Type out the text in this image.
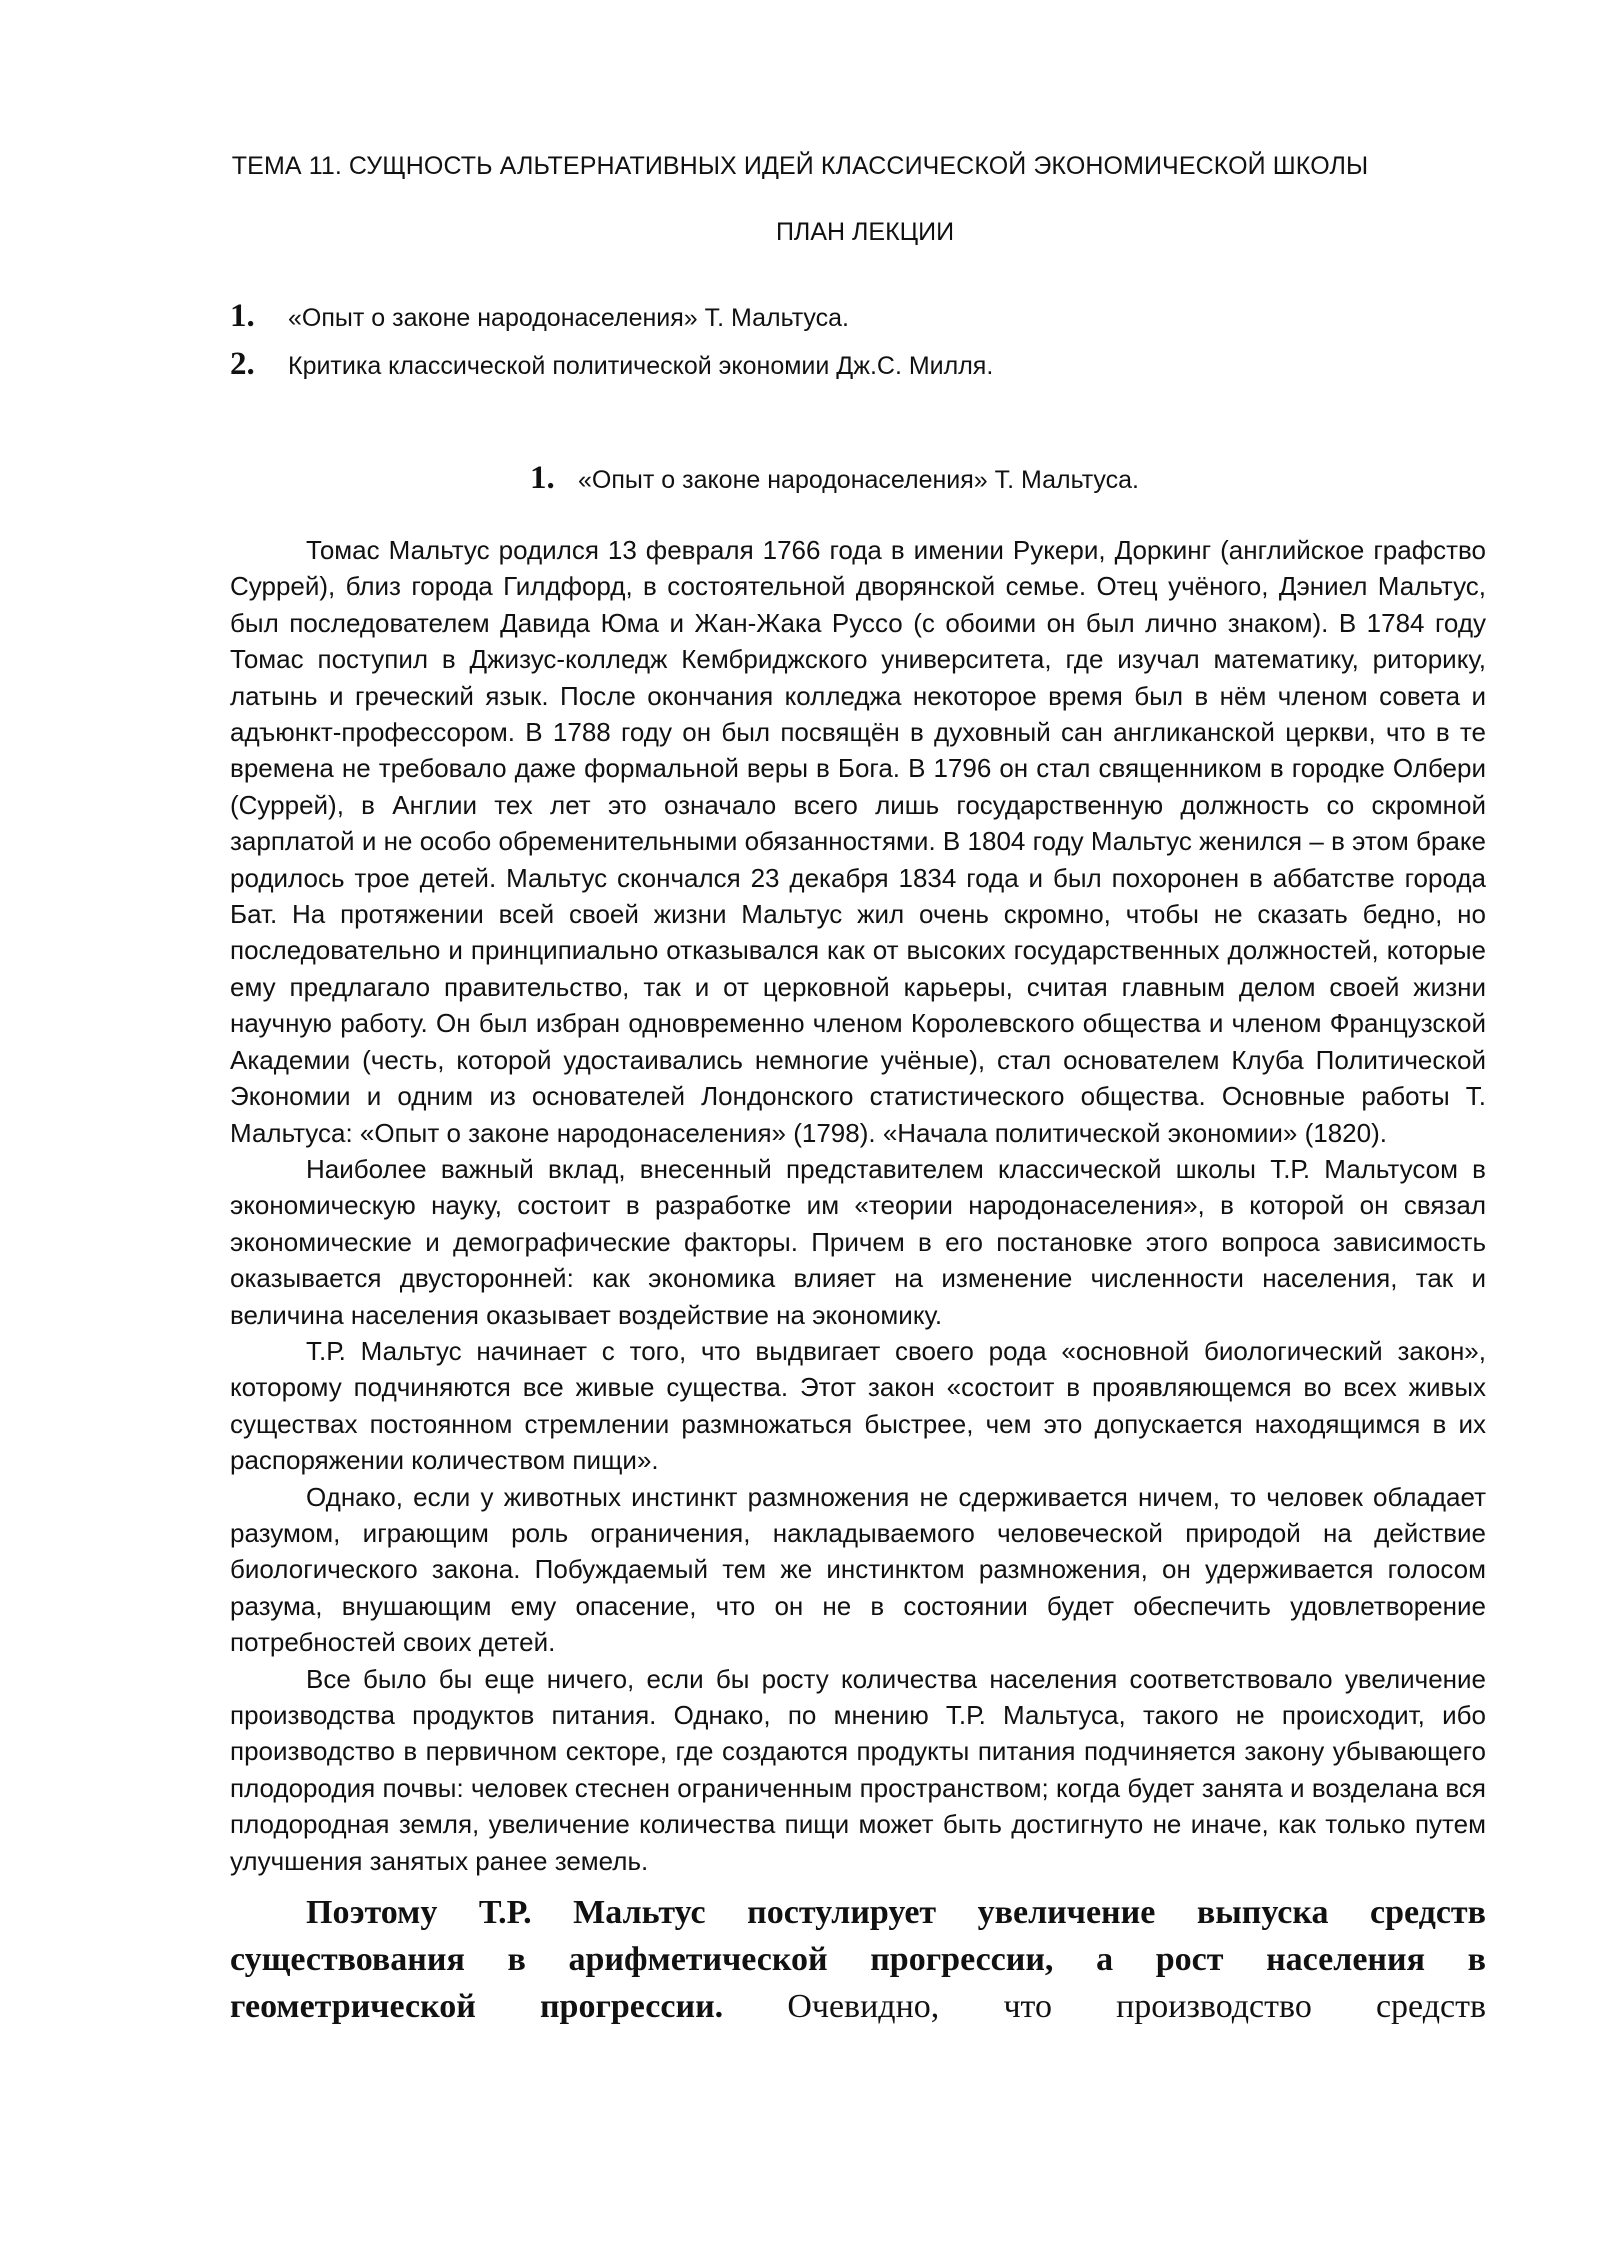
ТЕМА 11. СУЩНОСТЬ АЛЬТЕРНАТИВНЫХ ИДЕЙ КЛАССИЧЕСКОЙ ЭКОНОМИЧЕСКОЙ ШКОЛЫ
ПЛАН ЛЕКЦИИ
1.	«Опыт о законе народонаселения» Т. Мальтуса.
2.	Критика классической политической экономии Дж.С. Милля.
1. «Опыт о законе народонаселения» Т. Мальтуса.

Томас Мальтус родился 13 февраля 1766 года в имении Рукери, Доркинг (английское графство Суррей), близ города Гилдфорд, в состоятельной дворянской семье. Отец учёного, Дэниел Мальтус, был последователем Давида Юма и Жан-Жака Руссо (с обоими он был лично знаком). В 1784 году Томас поступил в Джизус-колледж Кембриджского университета, где изучал математику, риторику, латынь и греческий язык. После окончания колледжа некоторое время был в нём членом совета и адъюнкт-профессором. В 1788 году он был посвящён в духовный сан англиканской церкви, что в те времена не требовало даже формальной веры в Бога. В 1796 он стал священником в городке Олбери (Суррей), в Англии тех лет это означало всего лишь государственную должность со скромной зарплатой и не особо обременительными обязанностями. В 1804 году Мальтус женился – в этом браке родилось трое детей. Мальтус скончался 23 декабря 1834 года и был похоронен в аббатстве города Бат. На протяжении всей своей жизни Мальтус жил очень скромно, чтобы не сказать бедно, но последовательно и принципиально отказывался как от высоких государственных должностей, которые ему предлагало правительство, так и от церковной карьеры, считая главным делом своей жизни научную работу. Он был избран одновременно членом Королевского общества и членом Французской Академии (честь, которой удостаивались немногие учёные), стал основателем Клуба Политической Экономии и одним из основателей Лондонского статистического общества. Основные работы Т. Мальтуса: «Опыт о законе народонаселения» (1798). «Начала политической экономии» (1820).

Наиболее важный вклад, внесенный представителем классической школы Т.Р. Мальтусом в экономическую науку, состоит в разработке им «теории народонаселения», в которой он связал экономические и демографические факторы. Причем в его постановке этого вопроса зависимость оказывается двусторонней: как экономика влияет на изменение численности населения, так и величина населения оказывает воздействие на экономику.

Т.Р. Мальтус начинает с того, что выдвигает своего рода «основной биологический закон», которому подчиняются все живые существа. Этот закон «состоит в проявляющемся во всех живых существах постоянном стремлении размножаться быстрее, чем это допускается находящимся в их распоряжении количеством пищи».

Однако, если у животных инстинкт размножения не сдерживается ничем, то человек обладает разумом, играющим роль ограничения, накладываемого человеческой природой на действие биологического закона. Побуждаемый тем же инстинктом размножения, он удерживается голосом разума, внушающим ему опасение, что он не в состоянии будет обеспечить удовлетворение потребностей своих детей.

Все было бы еще ничего, если бы росту количества населения соответствовало увеличение производства продуктов питания. Однако, по мнению Т.Р. Мальтуса, такого не происходит, ибо производство в первичном секторе, где создаются продукты питания подчиняется закону убывающего плодородия почвы: человек стеснен ограниченным пространством; когда будет занята и возделана вся плодородная земля, увеличение количества пищи может быть достигнуто не иначе, как только путем улучшения занятых ранее земель.

Поэтому Т.Р. Мальтус постулирует увеличение выпуска средств существования в арифметической прогрессии, а рост населения в геометрической прогрессии. Очевидно, что производство средств
